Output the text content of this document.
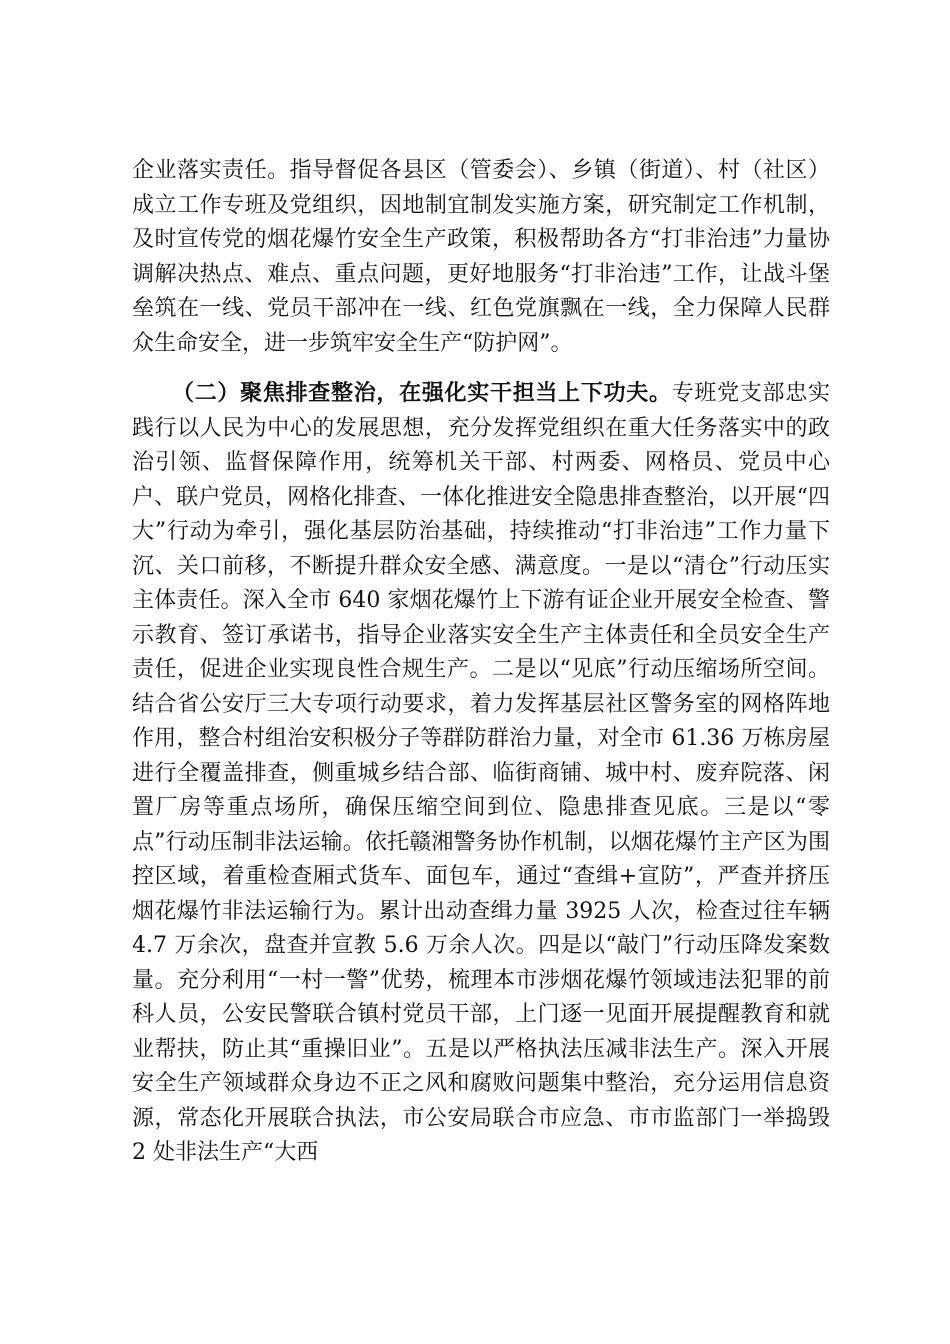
企业落实责任。指导督促各县区（管委会）、乡镇（街道）、村（社区）成立工作专班及党组织，因地制宜制发实施方案，研究制定工作机制，及时宣传党的烟花爆竹安全生产政策，积极帮助各方“打非治违”力量协调解决热点、难点、重点问题，更好地服务“打非治违”工作，让战斗堡垒筑在一线、党员干部冲在一线、红色党旗飘在一线，全力保障人民群众生命安全，进一步筑牢安全生产“防护网”。

（二）聚焦排查整治，在强化实干担当上下功夫。专班党支部忠实践行以人民为中心的发展思想，充分发挥党组织在重大任务落实中的政治引领、监督保障作用，统筹机关干部、村两委、网格员、党员中心户、联户党员，网格化排查、一体化推进安全隐患排查整治，以开展“四大”行动为牵引，强化基层防治基础，持续推动“打非治违”工作力量下沉、关口前移，不断提升群众安全感、满意度。一是以“清仓”行动压实主体责任。深入全市 640 家烟花爆竹上下游有证企业开展安全检查、警示教育、签订承诺书，指导企业落实安全生产主体责任和全员安全生产责任，促进企业实现良性合规生产。二是以“见底”行动压缩场所空间。结合省公安厅三大专项行动要求，着力发挥基层社区警务室的网格阵地作用，整合村组治安积极分子等群防群治力量，对全市 61.36 万栋房屋进行全覆盖排查，侧重城乡结合部、临街商铺、城中村、废弃院落、闲置厂房等重点场所，确保压缩空间到位、隐患排查见底。三是以“零点”行动压制非法运输。依托赣湘警务协作机制，以烟花爆竹主产区为围控区域，着重检查厢式货车、面包车，通过“查缉+宣防”，严查并挤压烟花爆竹非法运输行为。累计出动查缉力量 3925 人次，检查过往车辆 4.7 万余次，盘查并宣教 5.6 万余人次。四是以“敲门”行动压降发案数量。充分利用“一村一警”优势，梳理本市涉烟花爆竹领域违法犯罪的前科人员，公安民警联合镇村党员干部，上门逐一见面开展提醒教育和就业帮扶，防止其“重操旧业”。五是以严格执法压减非法生产。深入开展安全生产领域群众身边不正之风和腐败问题集中整治，充分运用信息资源，常态化开展联合执法，市公安局联合市应急、市市监部门一举捣毁 2 处非法生产“大西
